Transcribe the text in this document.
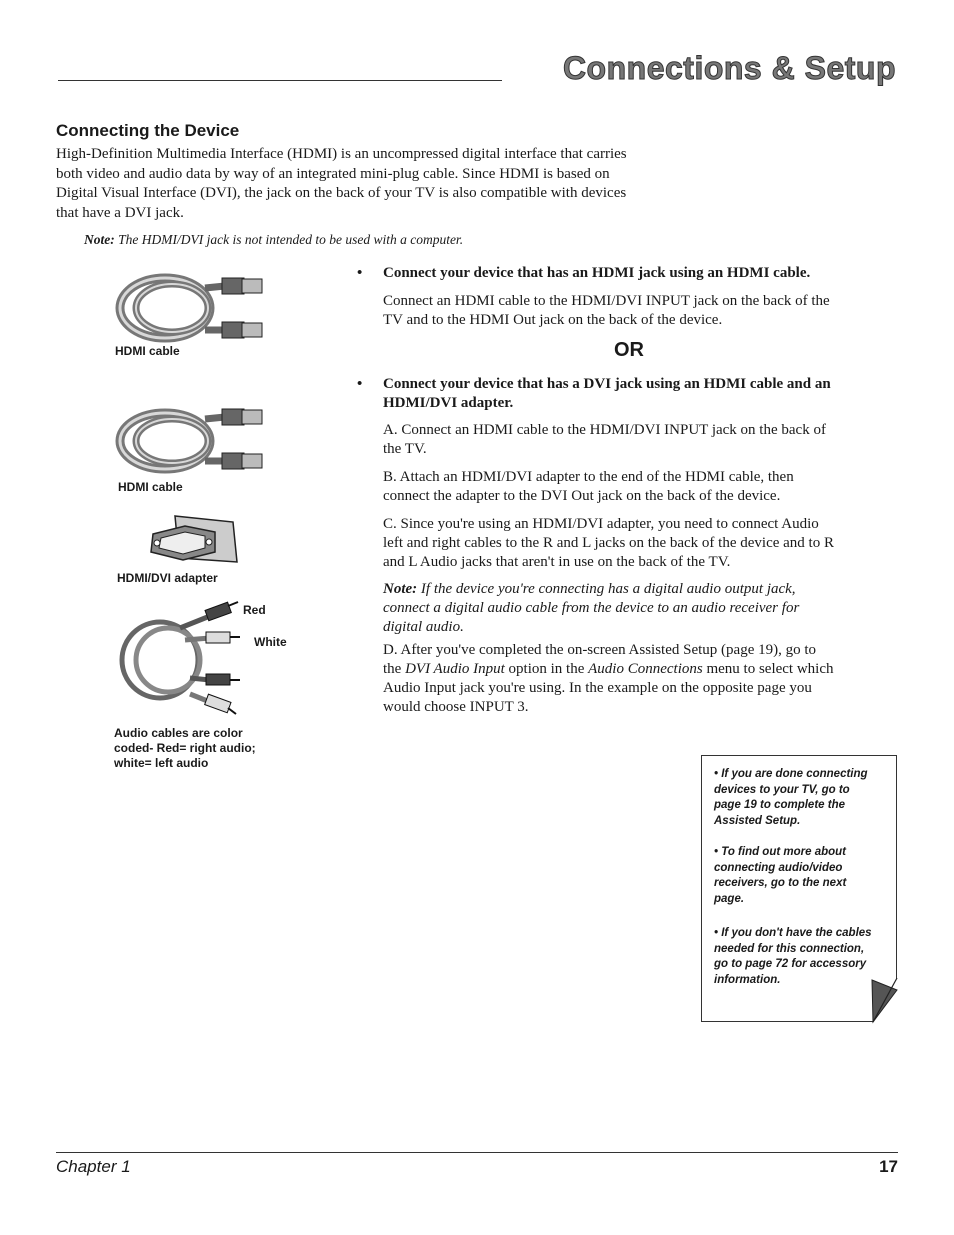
Connections & Setup
Connecting the Device
High-Definition Multimedia Interface (HDMI) is an uncompressed digital interface that carries
both video and audio data by way of an integrated mini-plug cable. Since HDMI is based on
Digital Visual Interface (DVI), the jack on the back of your TV is also compatible with devices
that have a DVI jack.
Note: The HDMI/DVI jack is not intended to be used with a computer.
HDMI cable
HDMI cable
HDMI/DVI adapter
Red
White
Audio cables are color
coded- Red= right audio;
white= left audio
• Connect your device that has an HDMI jack using an HDMI cable.
Connect an HDMI cable to the HDMI/DVI INPUT jack on the back of the
TV and to the HDMI Out jack on the back of the device.
OR
• Connect your device that has a DVI jack using an HDMI cable and an
HDMI/DVI adapter.
A. Connect an HDMI cable to the HDMI/DVI INPUT jack on the back of
the TV.
B. Attach an HDMI/DVI adapter to the end of the HDMI cable, then
connect the adapter to the DVI Out jack on the back of the device.
C. Since you're using an HDMI/DVI adapter, you need to connect Audio
left and right cables to the R and L jacks on the back of the device and to R
and L Audio jacks that aren't in use on the back of the TV.
Note: If the device you're connecting has a digital audio output jack,
connect a digital audio cable from the device to an audio receiver for
digital audio.
D. After you've completed the on-screen Assisted Setup (page 19), go to
the DVI Audio Input option in the Audio Connections menu to select which
Audio Input jack you're using. In the example on the opposite page you
would choose INPUT 3.
• If you are done connecting
devices to your TV, go to
page 19 to complete the
Assisted Setup.
• To find out more about
connecting audio/video
receivers, go to the next
page.
• If you don't have the cables
needed for this connection,
go to page 72 for accessory
information.
Chapter 1	17
